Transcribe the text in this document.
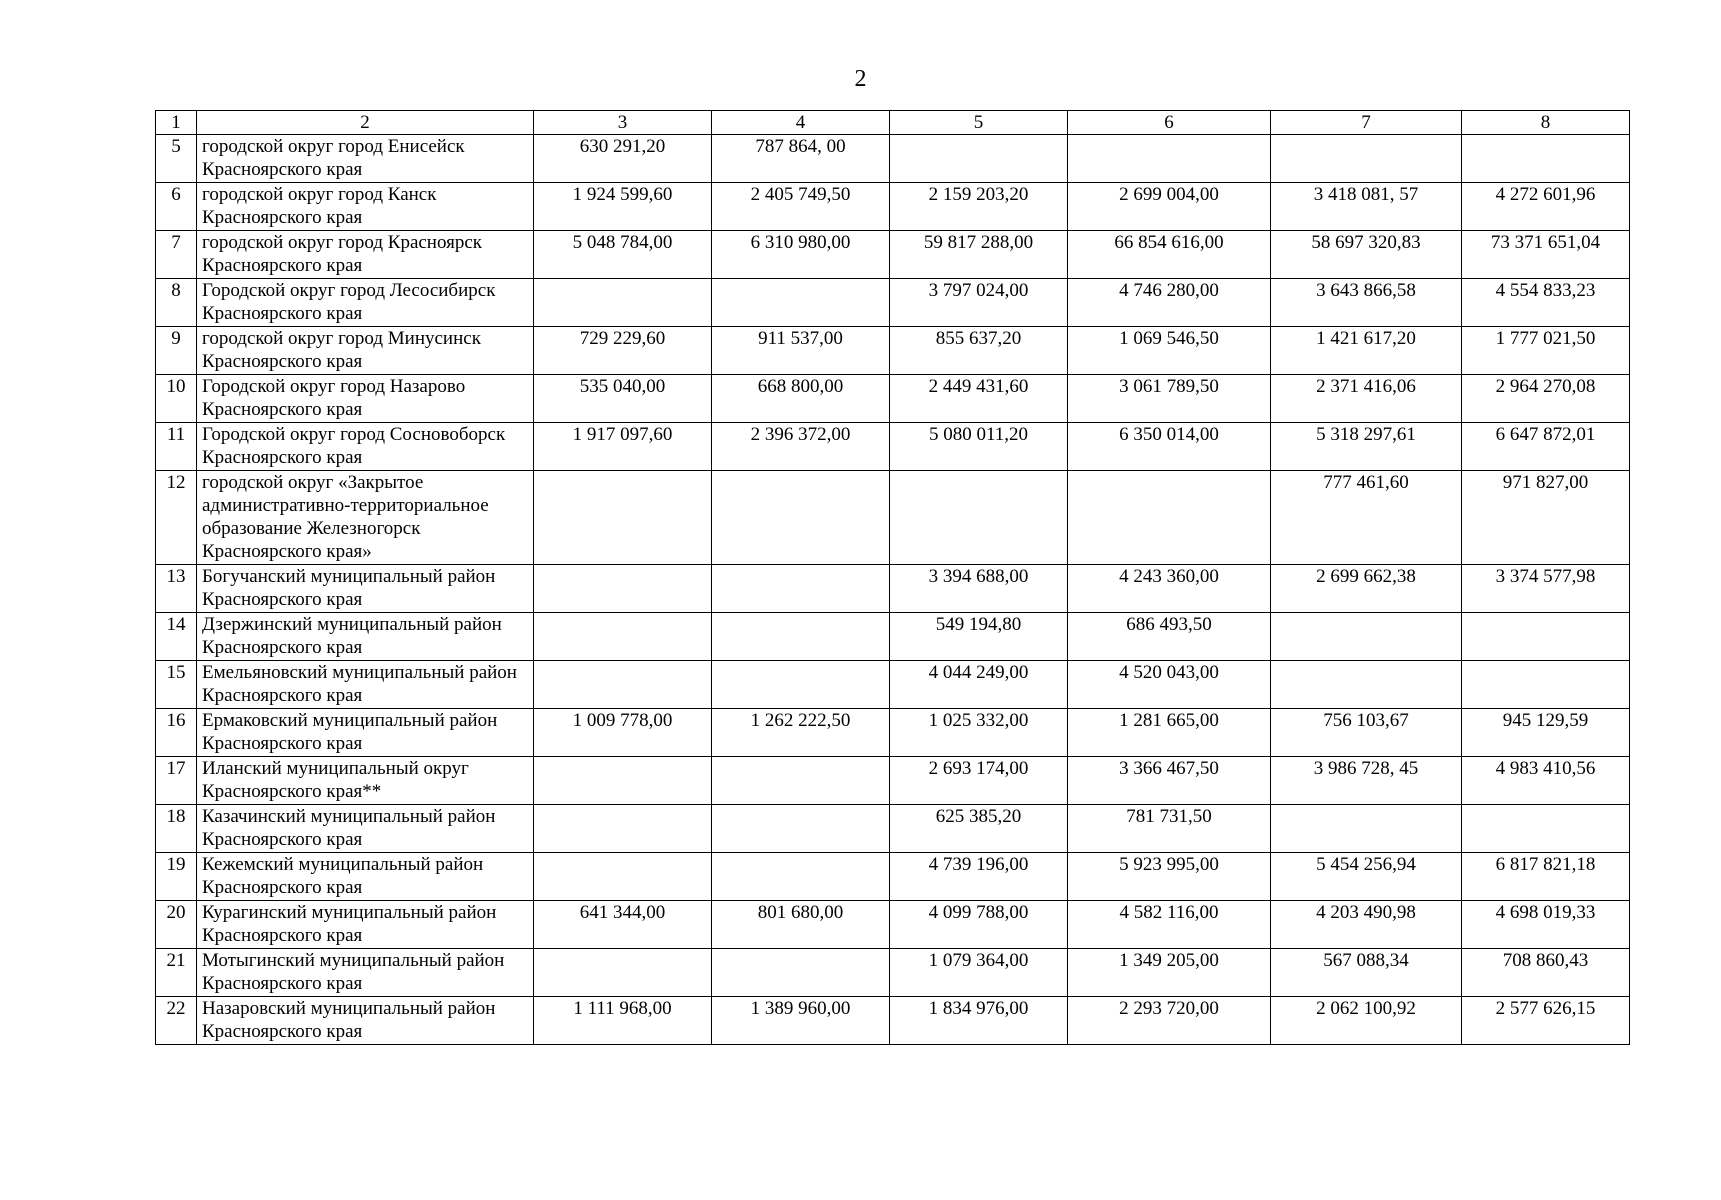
2
1	2	3	4	5	6	7	8
5	городской округ город Енисейск Красноярского края	630 291,20	787 864, 00				
6	городской округ город Канск Красноярского края	1 924 599,60	2 405 749,50	2 159 203,20	2 699 004,00	3 418 081, 57	4 272 601,96
7	городской округ город Красноярск Красноярского края	5 048 784,00	6 310 980,00	59 817 288,00	66 854 616,00	58 697 320,83	73 371 651,04
8	Городской округ город Лесосибирск Красноярского края			3 797 024,00	4 746 280,00	3 643 866,58	4 554 833,23
9	городской округ город Минусинск Красноярского края	729 229,60	911 537,00	855 637,20	1 069 546,50	1 421 617,20	1 777 021,50
10	Городской округ город Назарово Красноярского края	535 040,00	668 800,00	2 449 431,60	3 061 789,50	2 371 416,06	2 964 270,08
11	Городской округ город Сосновоборск Красноярского края	1 917 097,60	2 396 372,00	5 080 011,20	6 350 014,00	5 318 297,61	6 647 872,01
12	городской округ «Закрытое административно-территориальное образование Железногорск Красноярского края»					777 461,60	971 827,00
13	Богучанский муниципальный район Красноярского края			3 394 688,00	4 243 360,00	2 699 662,38	3 374 577,98
14	Дзержинский муниципальный район Красноярского края			549 194,80	686 493,50		
15	Емельяновский муниципальный район Красноярского края			4 044 249,00	4 520 043,00		
16	Ермаковский муниципальный район Красноярского края	1 009 778,00	1 262 222,50	1 025 332,00	1 281 665,00	756 103,67	945 129,59
17	Иланский муниципальный округ Красноярского края**			2 693 174,00	3 366 467,50	3 986 728, 45	4 983 410,56
18	Казачинский муниципальный район Красноярского края			625 385,20	781 731,50		
19	Кежемский муниципальный район Красноярского края			4 739 196,00	5 923 995,00	5 454 256,94	6 817 821,18
20	Курагинский муниципальный район Красноярского края	641 344,00	801 680,00	4 099 788,00	4 582 116,00	4 203 490,98	4 698 019,33
21	Мотыгинский муниципальный район Красноярского края			1 079 364,00	1 349 205,00	567 088,34	708 860,43
22	Назаровский муниципальный район Красноярского края	1 111 968,00	1 389 960,00	1 834 976,00	2 293 720,00	2 062 100,92	2 577 626,15
